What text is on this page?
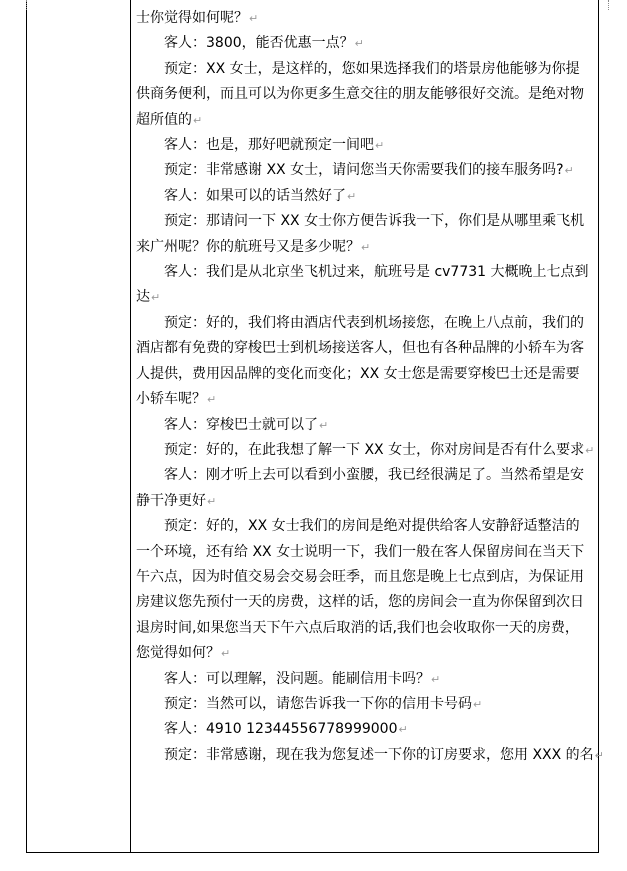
士你觉得如何呢？↵
客人：3800，能否优惠一点？↵
预定：XX 女士，是这样的，您如果选择我们的塔景房他能够为你提
供商务便利，而且可以为你更多生意交往的朋友能够很好交流。是绝对物
超所值的↵
客人：也是，那好吧就预定一间吧↵
预定：非常感谢 XX 女士，请问您当天你需要我们的接车服务吗?↵
客人：如果可以的话当然好了↵
预定：那请问一下 XX 女士你方便告诉我一下，你们是从哪里乘飞机
来广州呢？你的航班号又是多少呢？↵
客人：我们是从北京坐飞机过来，航班号是 cv7731 大概晚上七点到
达↵
预定：好的，我们将由酒店代表到机场接您，在晚上八点前，我们的
酒店都有免费的穿梭巴士到机场接送客人，但也有各种品牌的小轿车为客
人提供，费用因品牌的变化而变化；XX 女士您是需要穿梭巴士还是需要
小轿车呢？↵
客人：穿梭巴士就可以了↵
预定：好的，在此我想了解一下 XX 女士，你对房间是否有什么要求↵
客人：刚才听上去可以看到小蛮腰，我已经很满足了。当然希望是安
静干净更好↵
预定：好的，XX 女士我们的房间是绝对提供给客人安静舒适整洁的
一个环境，还有给 XX 女士说明一下，我们一般在客人保留房间在当天下
午六点，因为时值交易会交易会旺季，而且您是晚上七点到店，为保证用
房建议您先预付一天的房费，这样的话，您的房间会一直为你保留到次日
退房时间,如果您当天下午六点后取消的话,我们也会收取你一天的房费，
您觉得如何？↵
客人：可以理解，没问题。能刷信用卡吗？↵
预定：当然可以，请您告诉我一下你的信用卡号码↵
客人：4910 12344556778999000↵
预定：非常感谢，现在我为您复述一下你的订房要求，您用 XXX 的名↵
